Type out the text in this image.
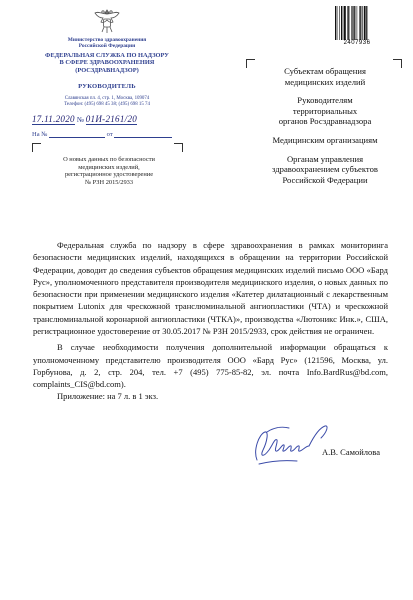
Министерство здравоохранения
Российской Федерации
ФЕДЕРАЛЬНАЯ СЛУЖБА ПО НАДЗОРУ
В СФЕРЕ ЗДРАВООХРАНЕНИЯ
(РОСЗДРАВНАДЗОР)
РУКОВОДИТЕЛЬ
Славянская пл. 4, стр. 1, Москва, 109074
Телефон: (495) 698 45 38; (495) 698 15 74
17.11.2020 № 01И-2161/20
На №	от
О новых данных по безопасности
медицинских изделий,
регистрационное удостоверение
№ РЗН 2015/2933
2407936

Субъектам обращения
медицинских изделий

Руководителям
территориальных
органов Росздравнадзора

Медицинским организациям

Органам управления
здравоохранением субъектов
Российской Федерации

Федеральная служба по надзору в сфере здравоохранения в рамках мониторинга безопасности медицинских изделий, находящихся в обращении на территории Российской Федерации, доводит до сведения субъектов обращения медицинских изделий письмо ООО «Бард Рус», уполномоченного представителя производителя медицинского изделия, о новых данных по безопасности при применении медицинского изделия «Катетер дилатационный с лекарственным покрытием Lutonix для чрескожной транслюминальной ангиопластики (ЧТА) и чрескожной транслюминальной коронарной ангиопластики (ЧТКА)», производства «Лютоникс Инк.», США, регистрационное удостоверение от 30.05.2017 № РЗН 2015/2933, срок действия не ограничен.

В случае необходимости получения дополнительной информации обращаться к уполномоченному представителю производителя ООО «Бард Рус» (121596, Москва, ул. Горбунова, д. 2, стр. 204, тел. +7 (495) 775-85-82, эл. почта Info.BardRus@bd.com, complaints_CIS@bd.com).

Приложение: на 7 л. в 1 экз.
А.В. Самойлова
